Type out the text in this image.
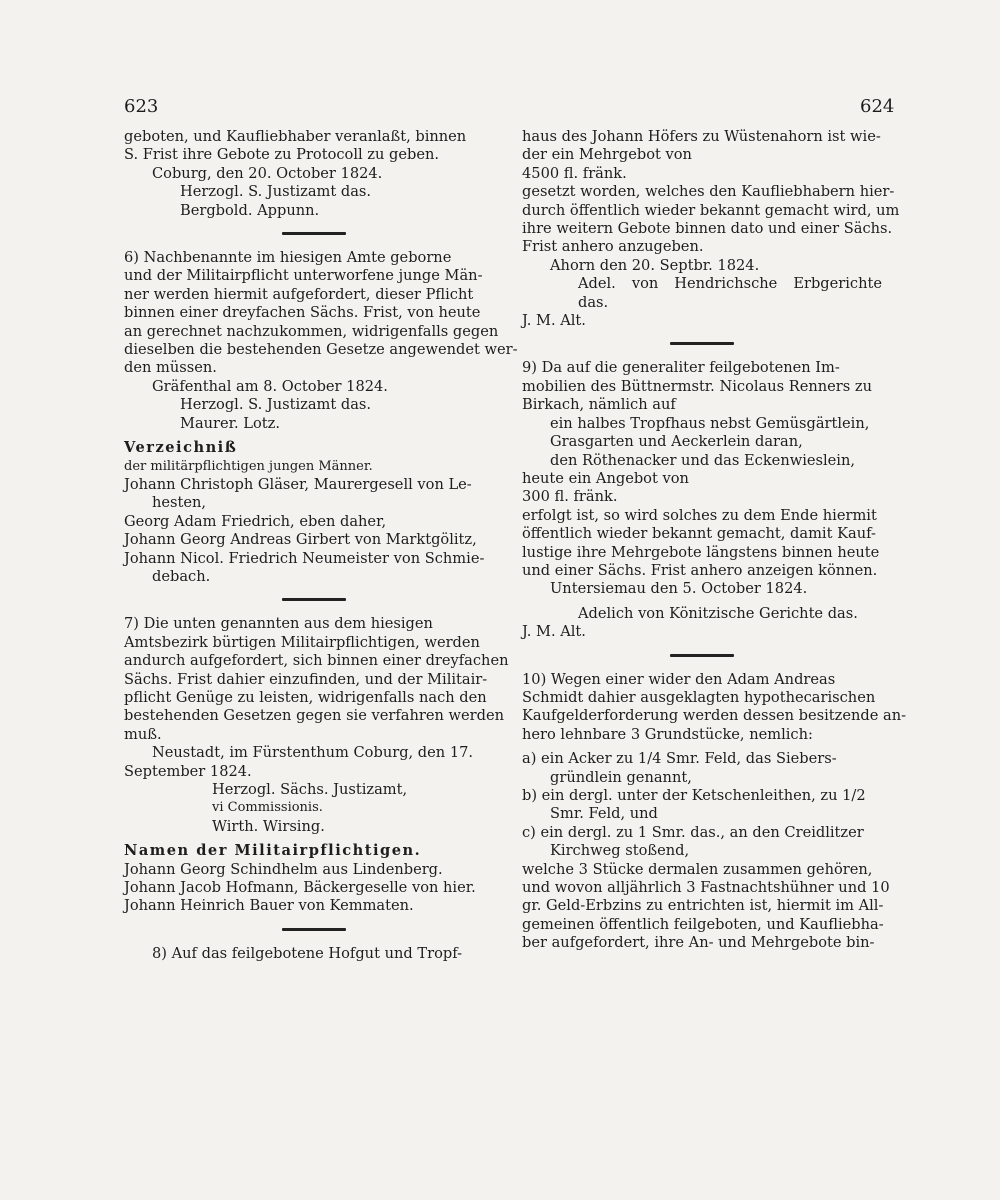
623	624

geboten, und Kaufliebhaber veranlaßt, binnen
S. Frist ihre Gebote zu Protocoll zu geben.

Coburg, den 20. October 1824.

Herzogl. S. Justizamt das.

Bergbold. Appunn.

6) Nachbenannte im hiesigen Amte geborne
und der Militairpflicht unterworfene junge Män-
ner werden hiermit aufgefordert, dieser Pflicht
binnen einer dreyfachen Sächs. Frist, von heute
an gerechnet nachzukommen, widrigenfalls gegen
dieselben die bestehenden Gesetze angewendet wer-
den müssen.

Gräfenthal am 8. October 1824.

Herzogl. S. Justizamt das.

Maurer. Lotz.

Verzeichniß

der militärpflichtigen jungen Männer.

Johann Christoph Gläser, Maurergesell von Le-
hesten,
Georg Adam Friedrich, eben daher,
Johann Georg Andreas Girbert von Marktgölitz,
Johann Nicol. Friedrich Neumeister von Schmie-
debach.

7) Die unten genannten aus dem hiesigen
Amtsbezirk bürtigen Militairpflichtigen, werden
andurch aufgefordert, sich binnen einer dreyfachen
Sächs. Frist dahier einzufinden, und der Militair-
pflicht Genüge zu leisten, widrigenfalls nach den
bestehenden Gesetzen gegen sie verfahren werden
muß.

Neustadt, im Fürstenthum Coburg, den 17.

September 1824.

Herzogl. Sächs. Justizamt,

vi Commissionis.

Wirth. Wirsing.

Namen der Militairpflichtigen.

Johann Georg Schindhelm aus Lindenberg.
Johann Jacob Hofmann, Bäckergeselle von hier.
Johann Heinrich Bauer von Kemmaten.

8) Auf das feilgebotene Hofgut und Tropf-

haus des Johann Höfers zu Wüstenahorn ist wie-
der ein Mehrgebot von

4500 fl. fränk.

gesetzt worden, welches den Kaufliebhabern hier-
durch öffentlich wieder bekannt gemacht wird, um
ihre weitern Gebote binnen dato und einer Sächs.
Frist anhero anzugeben.

Ahorn den 20. Septbr. 1824.

Adel. von Hendrichsche Erbgerichte das.

J. M. Alt.

9) Da auf die generaliter feilgebotenen Im-
mobilien des Büttnermstr. Nicolaus Renners zu
Birkach, nämlich auf

ein halbes Tropfhaus nebst Gemüsgärtlein,
Grasgarten und Aeckerlein daran,
den Röthenacker und das Eckenwieslein,

heute ein Angebot von

300 fl. fränk.

erfolgt ist, so wird solches zu dem Ende hiermit
öffentlich wieder bekannt gemacht, damit Kauf-
lustige ihre Mehrgebote längstens binnen heute
und einer Sächs. Frist anhero anzeigen können.

Untersiemau den 5. October 1824.

Adelich von Könitzische Gerichte das.

J. M. Alt.

10) Wegen einer wider den Adam Andreas
Schmidt dahier ausgeklagten hypothecarischen
Kaufgelderforderung werden dessen besitzende an-
hero lehnbare 3 Grundstücke, nemlich:

a) ein Acker zu 1/4 Smr. Feld, das Siebers-
gründlein genannt,
b) ein dergl. unter der Ketschenleithen, zu 1/2
Smr. Feld, und
c) ein dergl. zu 1 Smr. das., an den Creidlitzer
Kirchweg stoßend,

welche 3 Stücke dermalen zusammen gehören,
und wovon alljährlich 3 Fastnachtshühner und 10
gr. Geld-Erbzins zu entrichten ist, hiermit im All-
gemeinen öffentlich feilgeboten, und Kaufliebha-
ber aufgefordert, ihre An- und Mehrgebote bin-
